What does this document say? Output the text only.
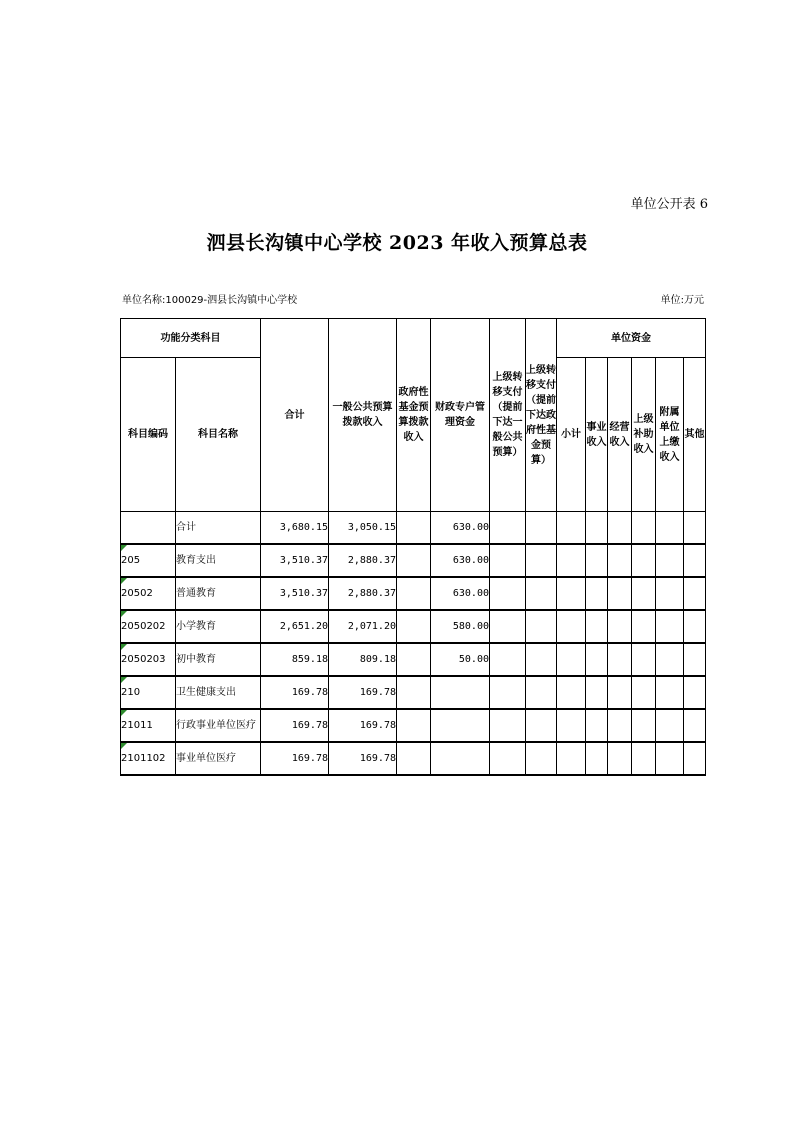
单位公开表 6
泗县长沟镇中心学校 2023 年收入预算总表
单位名称:100029-泗县长沟镇中心学校	单位:万元
功能分类科目		合计	一般公共预算拨款收入	政府性基金预算拨款收入	财政专户管理资金	上级转移支付（提前下达一般公共预算）	上级转移支付（提前下达政府性基金预算）	单位资金					
科目编码	科目名称							小计	事业收入	经营收入	上级补助收入	附属单位上缴收入	其他
	合计	3,680.15	3,050.15		630.00								

205	教育支出	3,510.37	2,880.37		630.00								

20502	普通教育	3,510.37	2,880.37		630.00								

2050202	小学教育	2,651.20	2,071.20		580.00								

2050203	初中教育	859.18	809.18		50.00								

210	卫生健康支出	169.78	169.78										

21011	行政事业单位医疗	169.78	169.78										

2101102	事业单位医疗	169.78	169.78										
